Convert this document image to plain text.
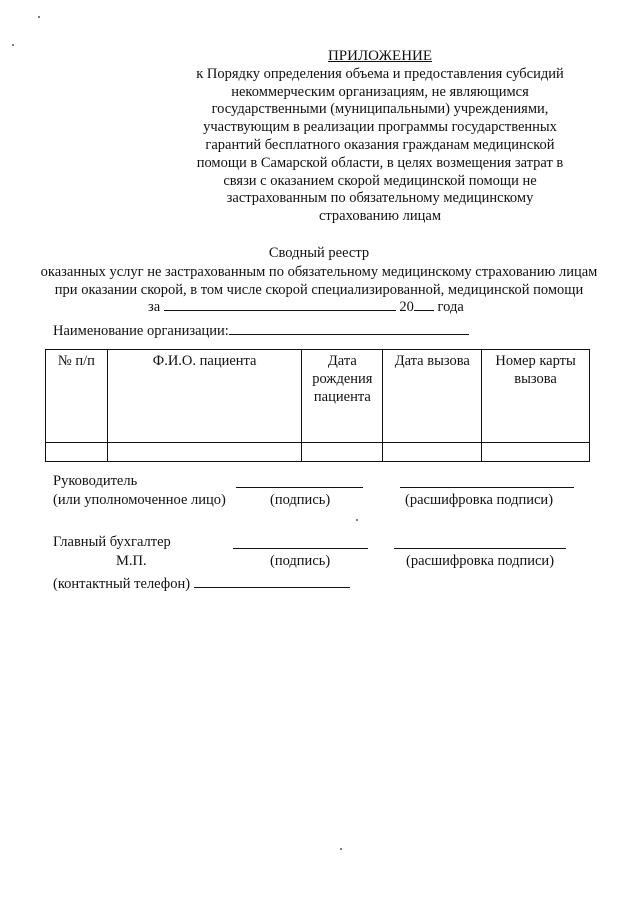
ПРИЛОЖЕНИЕ
к Порядку определения объема и предоставления субсидий
некоммерческим организациям, не являющимся
государственными (муниципальными) учреждениями,
участвующим в реализации программы государственных
гарантий бесплатного оказания гражданам медицинской
помощи в Самарской области, в целях возмещения затрат в
связи с оказанием скорой медицинской помощи не
застрахованным по обязательному медицинскому
страхованию лицам
Сводный реестр
оказанных услуг не застрахованным по обязательному медицинскому страхованию лицам
при оказании скорой, в том числе скорой специализированной, медицинской помощи
за	20 года
Наименование организации:
№ п/п	Ф.И.О. пациента	Дата рождения пациента	Дата вызова	Номер карты вызова

Руководитель
(или уполномоченное лицо)	(подпись)	(расшифровка подписи)
Главный бухгалтер
М.П.	(подпись)	(расшифровка подписи)
(контактный телефон)
